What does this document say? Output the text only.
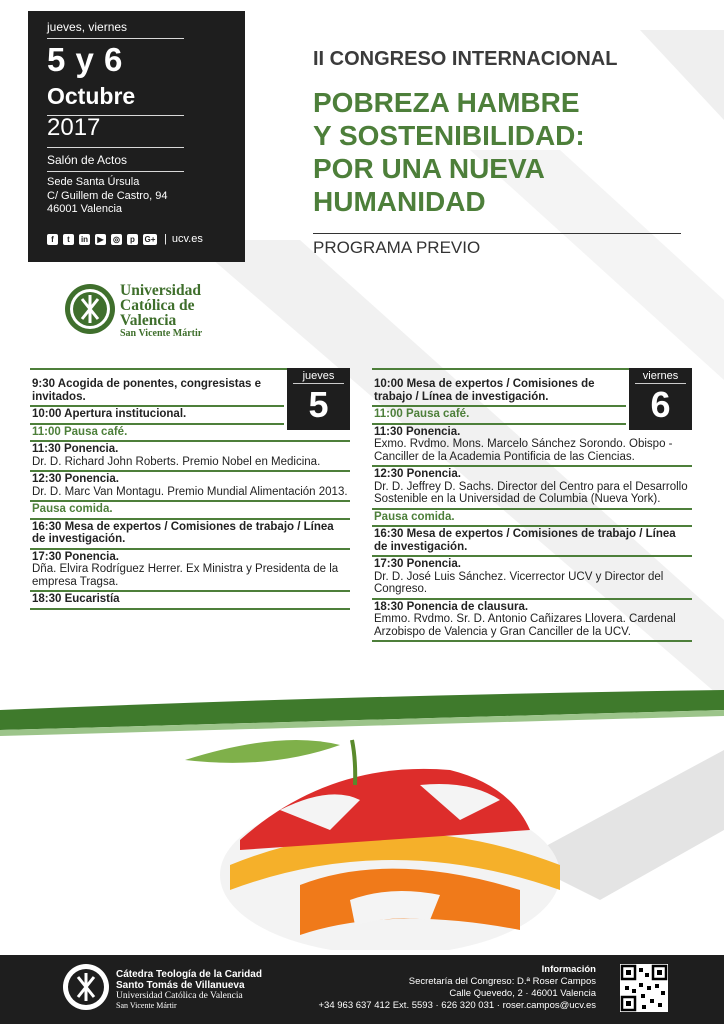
jueves, viernes
5 y 6
Octubre
2017
Salón de Actos
Sede Santa Úrsula
C/ Guillem de Castro, 94
46001 Valencia
f	t	in	▶	◎	p	G+ | ucv.es
II CONGRESO INTERNACIONAL
POBREZA HAMBRE
Y SOSTENIBILIDAD:
POR UNA NUEVA
HUMANIDAD
PROGRAMA PREVIO
Universidad
Católica de
Valencia
San Vicente Mártir
jueves
5
9:30 Acogida de ponentes, congresistas e invitados.
10:00 Apertura institucional.
11:00 Pausa café.
11:30 Ponencia.
Dr. D. Richard John Roberts. Premio Nobel en Medicina.
12:30 Ponencia.
Dr. D. Marc Van Montagu. Premio Mundial Alimentación 2013.
Pausa comida.
16:30 Mesa de expertos / Comisiones de trabajo / Línea de investigación.
17:30 Ponencia.
Dña. Elvira Rodríguez Herrer. Ex Ministra y Presidenta de la empresa Tragsa.
18:30 Eucaristía
viernes
6
10:00 Mesa de expertos / Comisiones de trabajo / Línea de investigación.
11:00 Pausa café.
11:30 Ponencia.
Exmo. Rvdmo. Mons. Marcelo Sánchez Sorondo. Obispo - Canciller de la Academia Pontificia de las Ciencias.
12:30 Ponencia.
Dr. D. Jeffrey D. Sachs. Director del Centro para el Desarrollo Sostenible en la Universidad de Columbia (Nueva York).
Pausa comida.
16:30 Mesa de expertos / Comisiones de trabajo / Línea de investigación.
17:30 Ponencia.
Dr. D. José Luis Sánchez. Vicerrector UCV y Director del Congreso.
18:30 Ponencia de clausura.
Emmo. Rvdmo. Sr. D. Antonio Cañizares Llovera. Cardenal Arzobispo de Valencia y Gran Canciller de la UCV.
Cátedra Teología de la Caridad
Santo Tomás de Villanueva
Universidad Católica de Valencia
San Vicente Mártir
Información
Secretaría del Congreso: D.ª Roser Campos
Calle Quevedo, 2 · 46001 Valencia
+34 963 637 412 Ext. 5593 · 626 320 031 · roser.campos@ucv.es
